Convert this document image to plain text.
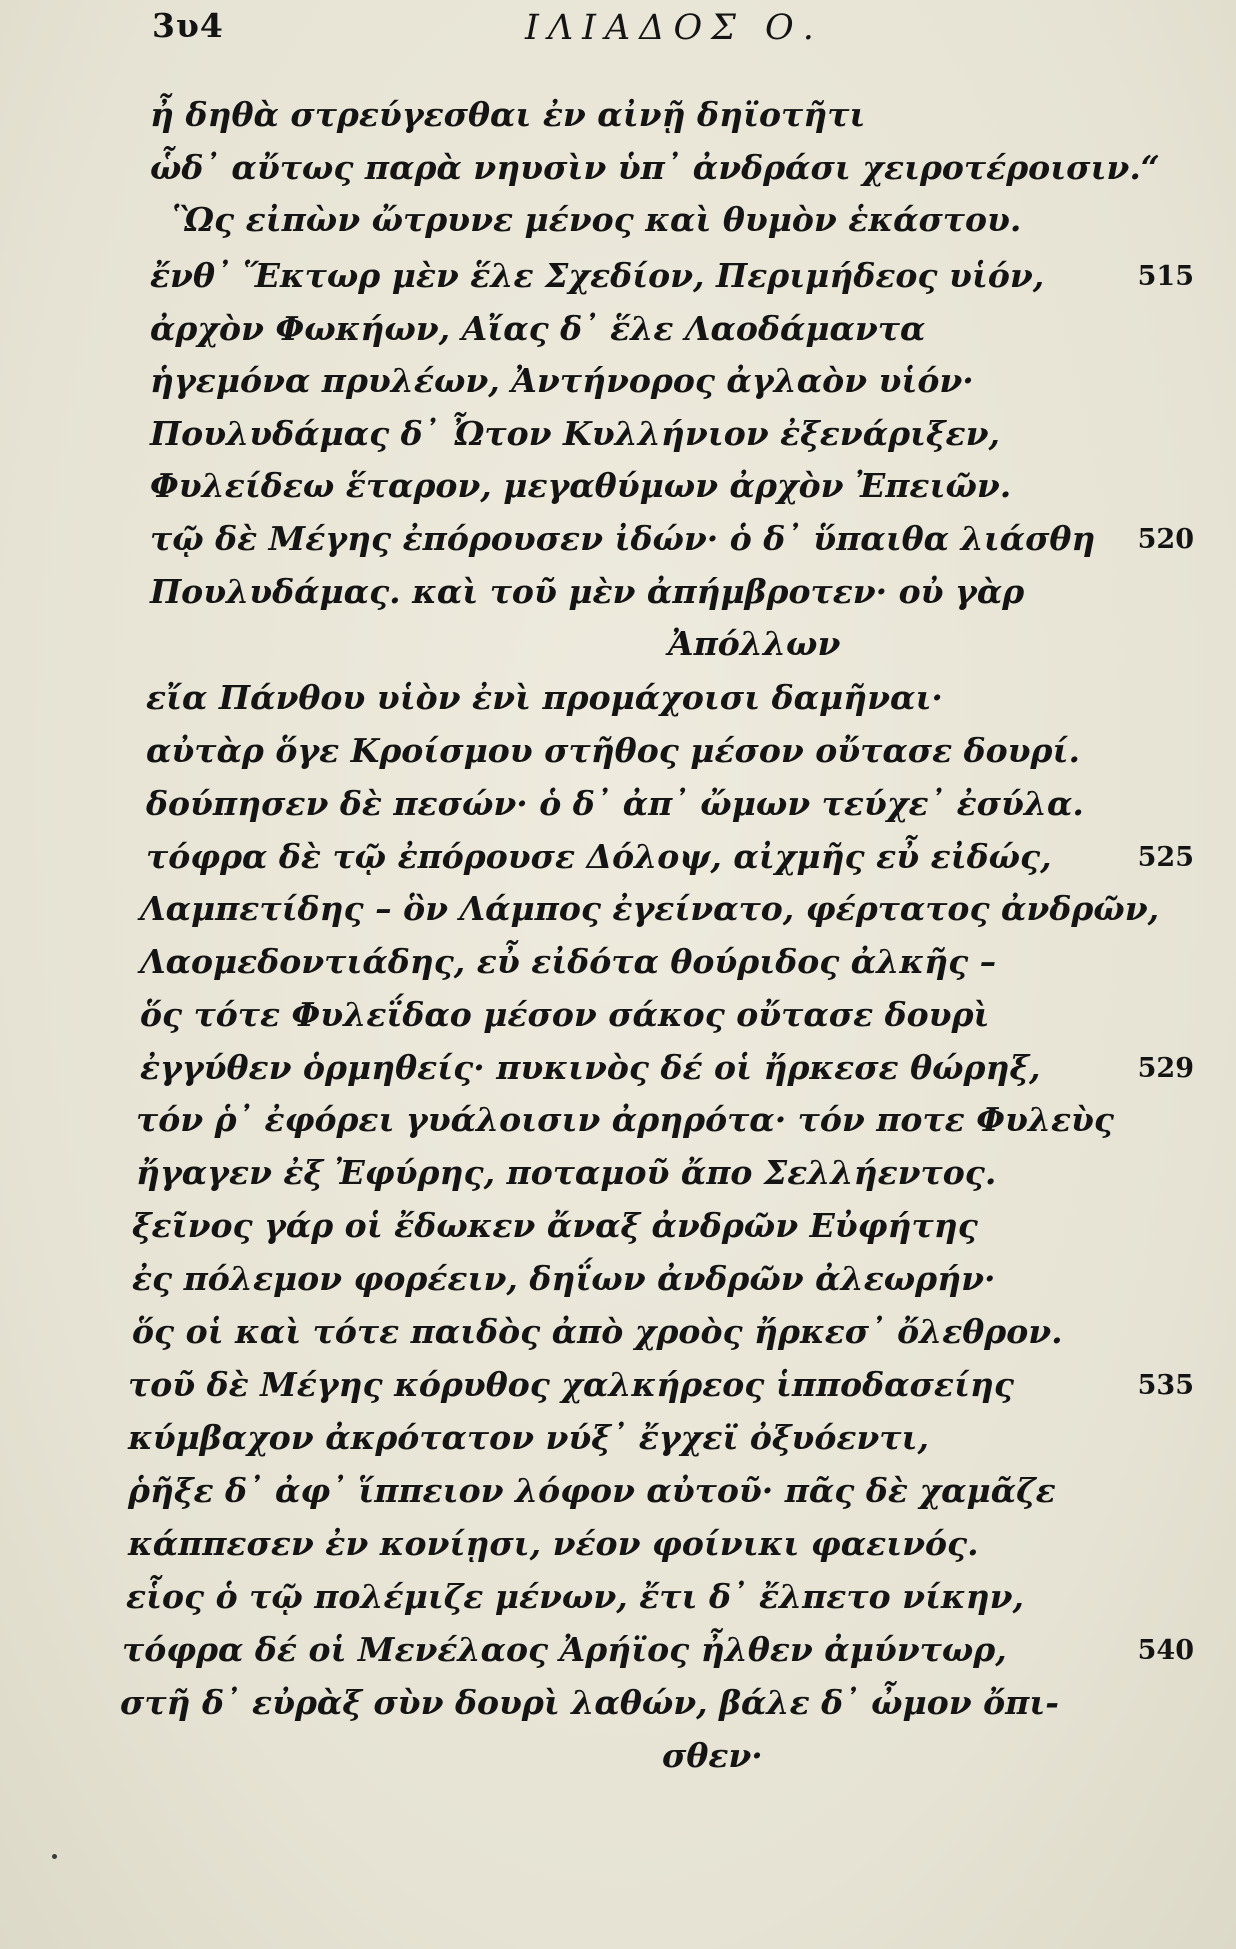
3υ4	ΙΛΙΑΔΟΣ Ο.
ἦ δηθὰ στρεύγεσθαι ἐν αἰνῇ δηϊοτῆτι
ὧδ᾽ αὔτως παρὰ νηυσὶν ὑπ᾽ ἀνδράσι χειροτέροισιν.“
Ὣς εἰπὼν ὤτρυνε μένος καὶ θυμὸν ἑκάστου.
ἔνθ᾽ Ἕκτωρ μὲν ἕλε Σχεδίον, Περιμήδεος υἱόν,	515
ἀρχὸν Φωκήων, Αἴας δ᾽ ἕλε Λαοδάμαντα
ἡγεμόνα πρυλέων, Ἀντήνορος ἀγλαὸν υἱόν·
Πουλυδάμας δ᾽ Ὦτον Κυλλήνιον ἐξενάριξεν,
Φυλείδεω ἕταρον, μεγαθύμων ἀρχὸν Ἐπειῶν.
τῷ δὲ Μέγης ἐπόρουσεν ἰδών· ὁ δ᾽ ὕπαιθα λιάσθη 520
Πουλυδάμας. καὶ τοῦ μὲν ἀπήμβροτεν· οὐ γὰρ
Ἀπόλλων
εἴα Πάνθου υἱὸν ἐνὶ προμάχοισι δαμῆναι·
αὐτὰρ ὅγε Κροίσμου στῆθος μέσον οὔτασε δουρί.
δούπησεν δὲ πεσών· ὁ δ᾽ ἀπ᾽ ὤμων τεύχε᾽ ἐσύλα.
τόφρα δὲ τῷ ἐπόρουσε Δόλοψ, αἰχμῆς εὖ εἰδώς,	525
Λαμπετίδης – ὃν Λάμπος ἐγείνατο, φέρτατος ἀνδρῶν,
Λαομεδοντιάδης, εὖ εἰδότα θούριδος ἀλκῆς –
ὅς τότε Φυλεΐδαο μέσον σάκος οὔτασε δουρὶ
ἐγγύθεν ὁρμηθείς· πυκινὸς δέ οἱ ἤρκεσε θώρηξ,	529
τόν ῥ᾽ ἐφόρει γυάλοισιν ἀρηρότα· τόν ποτε Φυλεὺς
ἤγαγεν ἐξ Ἐφύρης, ποταμοῦ ἄπο Σελλήεντος.
ξεῖνος γάρ οἱ ἔδωκεν ἄναξ ἀνδρῶν Εὐφήτης
ἐς πόλεμον φορέειν, δηΐων ἀνδρῶν ἀλεωρήν·
ὅς οἱ καὶ τότε παιδὸς ἀπὸ χροὸς ἤρκεσ᾽ ὄλεθρον.
τοῦ δὲ Μέγης κόρυθος χαλκήρεος ἱπποδασείης	535
κύμβαχον ἀκρότατον νύξ᾽ ἔγχεϊ ὀξυόεντι,
ῥῆξε δ᾽ ἀφ᾽ ἵππειον λόφον αὐτοῦ· πᾶς δὲ χαμᾶζε
κάππεσεν ἐν κονίῃσι, νέον φοίνικι φαεινός.
εἷος ὁ τῷ πολέμιζε μένων, ἔτι δ᾽ ἔλπετο νίκην,
τόφρα δέ οἱ Μενέλαος Ἀρήϊος ἦλθεν ἀμύντωρ,	540
στῆ δ᾽ εὐρὰξ σὺν δουρὶ λαθών, βάλε δ᾽ ὦμον ὄπι-
σθεν·
